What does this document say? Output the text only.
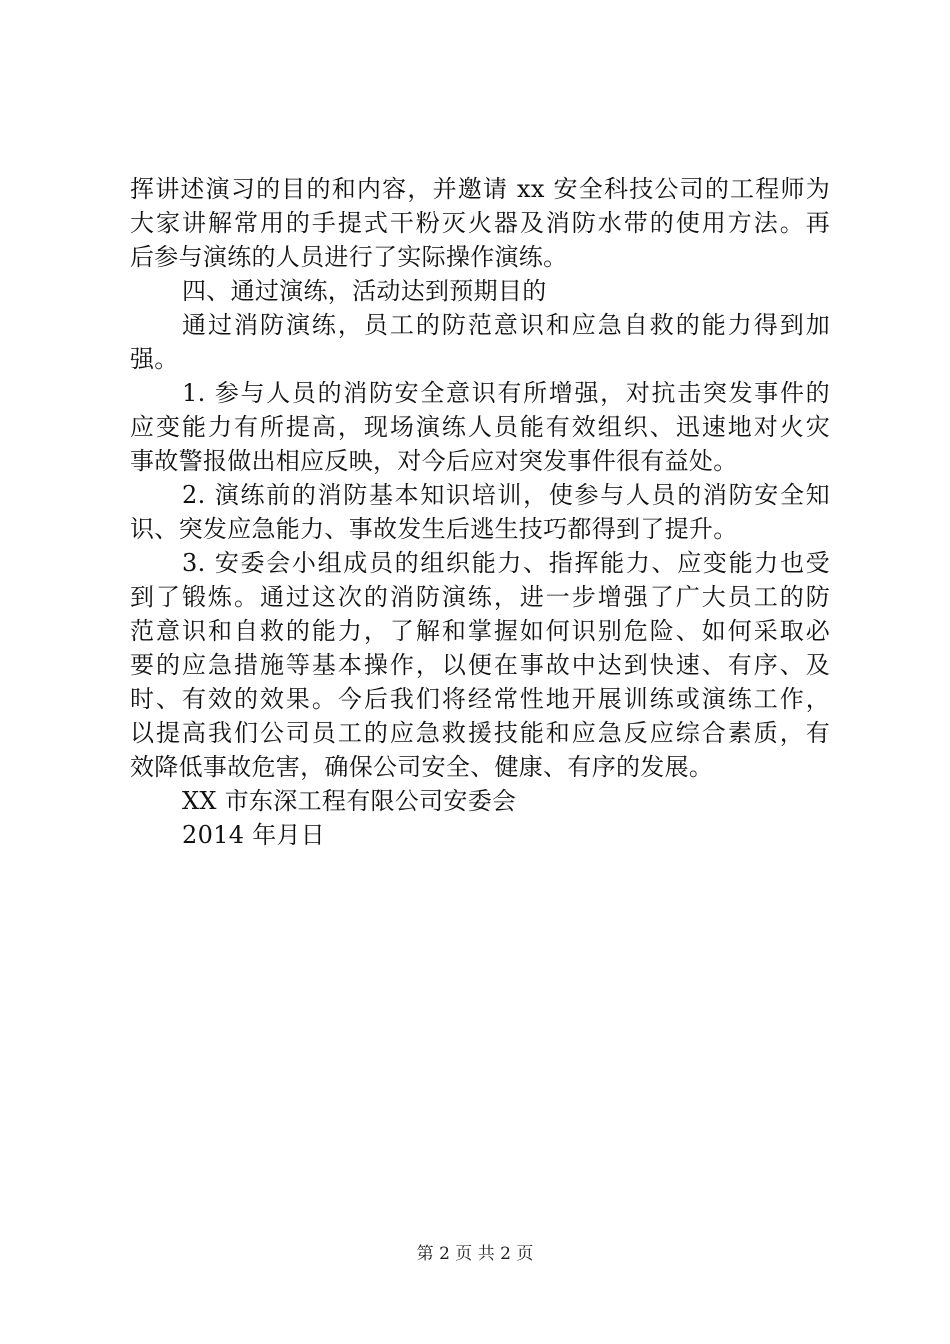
挥讲述演习的目的和内容，并邀请 xx 安全科技公司的工程师为
大家讲解常用的手提式干粉灭火器及消防水带的使用方法。再
后参与演练的人员进行了实际操作演练。
四、通过演练，活动达到预期目的
通过消防演练，员工的防范意识和应急自救的能力得到加
强。
1. 参与人员的消防安全意识有所增强，对抗击突发事件的
应变能力有所提高，现场演练人员能有效组织、迅速地对火灾
事故警报做出相应反映，对今后应对突发事件很有益处。
2. 演练前的消防基本知识培训，使参与人员的消防安全知
识、突发应急能力、事故发生后逃生技巧都得到了提升。
3. 安委会小组成员的组织能力、指挥能力、应变能力也受
到了锻炼。通过这次的消防演练，进一步增强了广大员工的防
范意识和自救的能力，了解和掌握如何识别危险、如何采取必
要的应急措施等基本操作，以便在事故中达到快速、有序、及
时、有效的效果。今后我们将经常性地开展训练或演练工作，
以提高我们公司员工的应急救援技能和应急反应综合素质，有
效降低事故危害，确保公司安全、健康、有序的发展。
XX 市东深工程有限公司安委会
2014 年月日
第 2 页 共 2 页
